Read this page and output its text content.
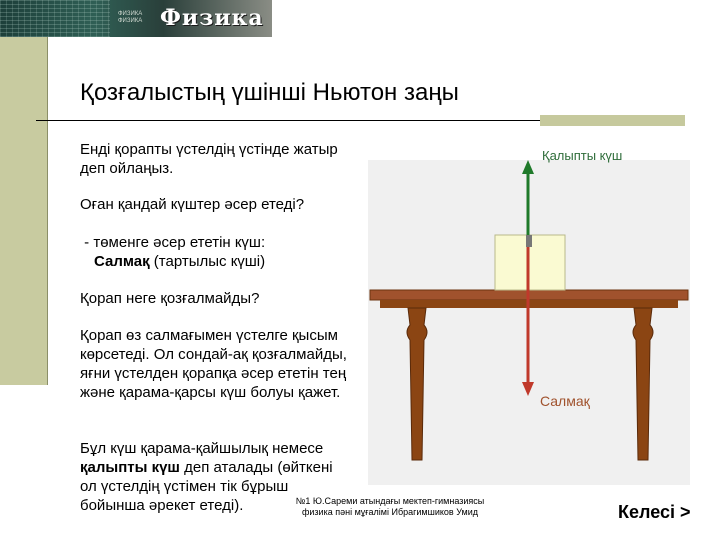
ФИЗИКА ФИЗИКА Физика
Қозғалыстың үшінші Ньютон заңы
Енді қорапты үстелдің үстінде жатыр
деп ойлаңыз.
Оған қандай күштер әсер етеді?
- төменге әсер ететін күш:
Салмақ (тартылыс күші)
Қорап неге қозғалмайды?
Қорап өз салмағымен үстелге қысым
көрсетеді. Ол сондай-ақ қозғалмайды,
яғни үстелден қорапқа әсер ететін тең
және қарама-қарсы күш болуы қажет.
Бұл күш қарама-қайшылық немесе
қалыпты күш деп аталады (өйткені
ол үстелдің үстімен тік бұрыш
бойынша әрекет етеді).
Қалыпты күш
Салмақ
№1 Ю.Сареми атындағы мектеп-гимназиясы
физика пәні мұғалімі Ибрагимшиков Умид	Келесі >
